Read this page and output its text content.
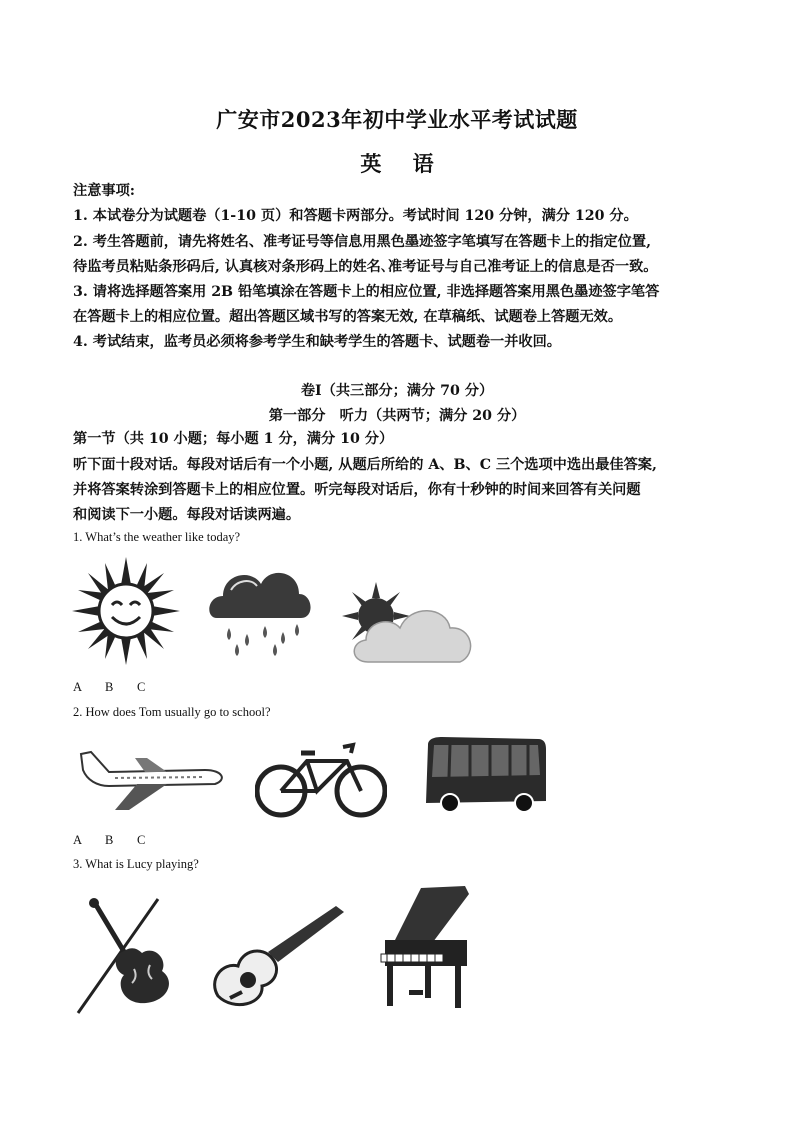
广安市2023年初中学业水平考试试题
英 语
注意事项:
1. 本试卷分为试题卷（1-10 页）和答题卡两部分。考试时间 120 分钟，满分 120 分。
2. 考生答题前，请先将姓名、准考证号等信息用黑色墨迹签字笔填写在答题卡上的指定位置,
待监考员粘贴条形码后, 认真核对条形码上的姓名､准考证号与自己准考证上的信息是否一致。
3. 请将选择题答案用 2B 铅笔填涂在答题卡上的相应位置, 非选择题答案用黑色墨迹签字笔答
在答题卡上的相应位置。超出答题区域书写的答案无效, 在草稿纸、试题卷上答题无效。
4. 考试结束，监考员必须将参考学生和缺考学生的答题卡、试题卷一并收回。
卷Ⅰ（共三部分；满分 70 分）
第一部分　听力（共两节；满分 20 分）
第一节（共 10 小题；每小题 1 分，满分 10 分）
听下面十段对话。每段对话后有一个小题, 从题后所给的 A、B、C 三个选项中选出最佳答案,
并将答案转涂到答题卡上的相应位置。听完每段对话后，你有十秒钟的时间来回答有关问题
和阅读下一小题。每段对话读两遍。
1. What’s the weather like today?
A B C
2. How does Tom usually go to school?
A B C
3. What is Lucy playing?
